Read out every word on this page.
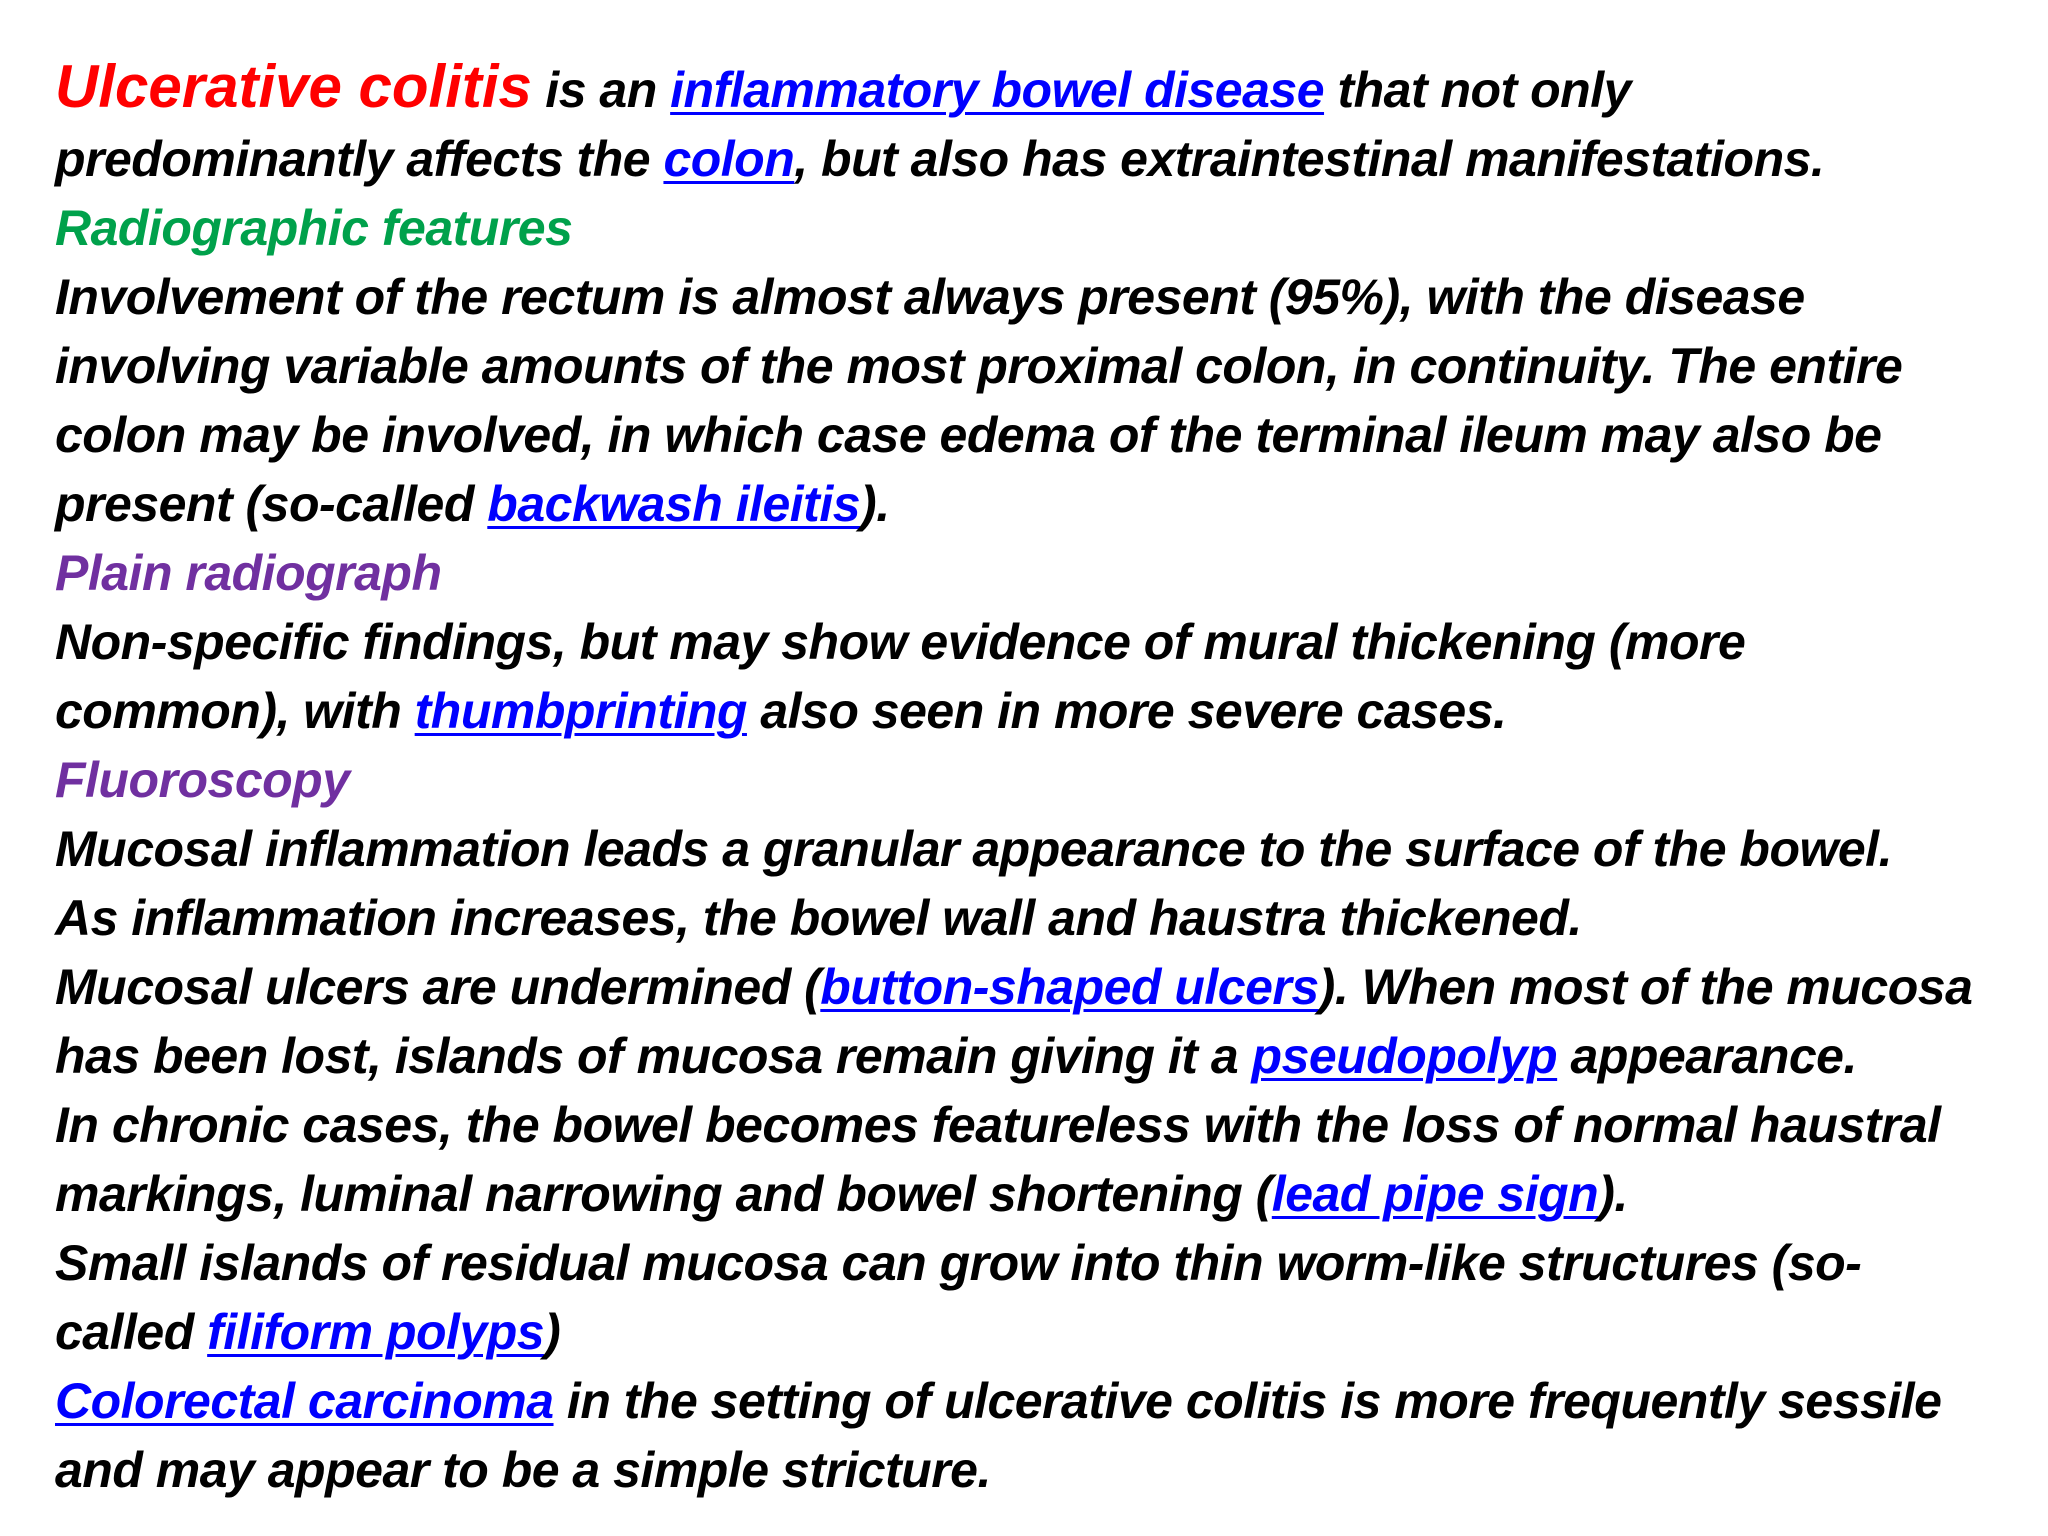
Ulcerative colitis is an inflammatory bowel disease that not only
predominantly affects the colon, but also has extraintestinal manifestations.
Radiographic features
Involvement of the rectum is almost always present (95%), with the disease
involving variable amounts of the most proximal colon, in continuity. The entire
colon may be involved, in which case edema of the terminal ileum may also be
present (so-called backwash ileitis).
Plain radiograph
Non-specific findings, but may show evidence of mural thickening (more
common), with thumbprinting also seen in more severe cases.
Fluoroscopy
Mucosal inflammation leads a granular appearance to the surface of the bowel.
As inflammation increases, the bowel wall and haustra thickened.
Mucosal ulcers are undermined (button-shaped ulcers). When most of the mucosa
has been lost, islands of mucosa remain giving it a pseudopolyp appearance.
In chronic cases, the bowel becomes featureless with the loss of normal haustral
markings, luminal narrowing and bowel shortening (lead pipe sign).
Small islands of residual mucosa can grow into thin worm-like structures (so-
called filiform polyps)
Colorectal carcinoma in the setting of ulcerative colitis is more frequently sessile
and may appear to be a simple stricture.
